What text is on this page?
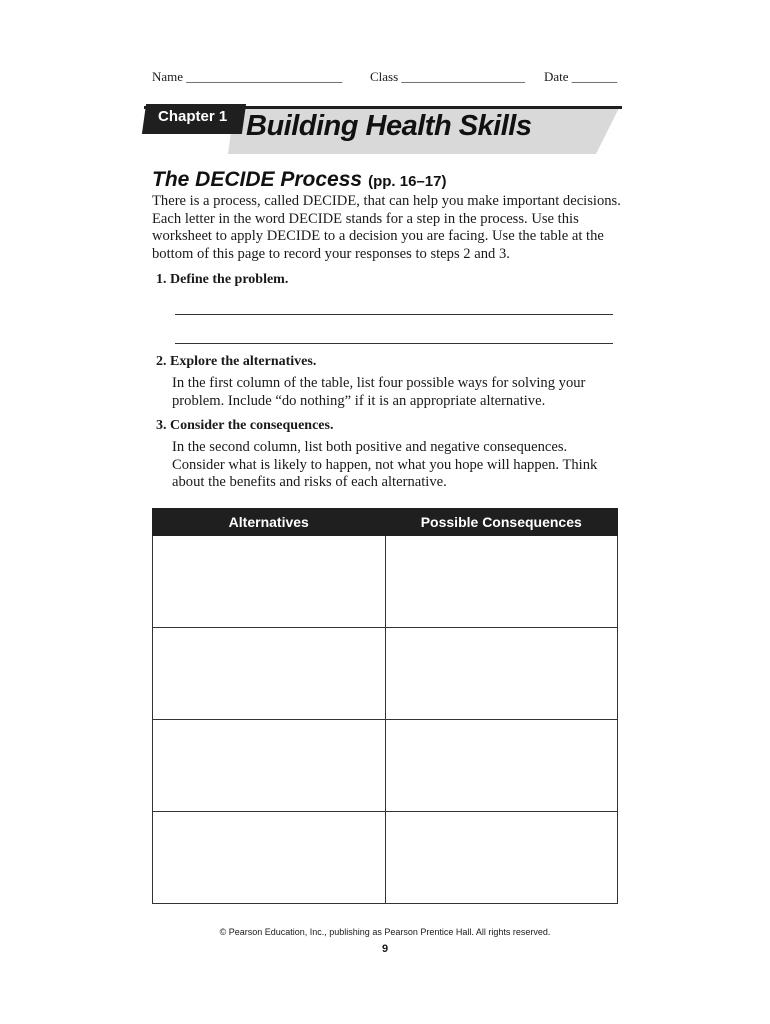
Name ________________________ Class ___________________ Date _______
Chapter 1 Building Health Skills
The DECIDE Process (pp. 16–17)
There is a process, called DECIDE, that can help you make important decisions. Each letter in the word DECIDE stands for a step in the process. Use this worksheet to apply DECIDE to a decision you are facing. Use the table at the bottom of this page to record your responses to steps 2 and 3.
1. Define the problem.
2. Explore the alternatives.
In the first column of the table, list four possible ways for solving your problem. Include “do nothing” if it is an appropriate alternative.
3. Consider the consequences.
In the second column, list both positive and negative consequences. Consider what is likely to happen, not what you hope will happen. Think about the benefits and risks of each alternative.
Alternatives	Possible Consequences

© Pearson Education, Inc., publishing as Pearson Prentice Hall. All rights reserved.
9
